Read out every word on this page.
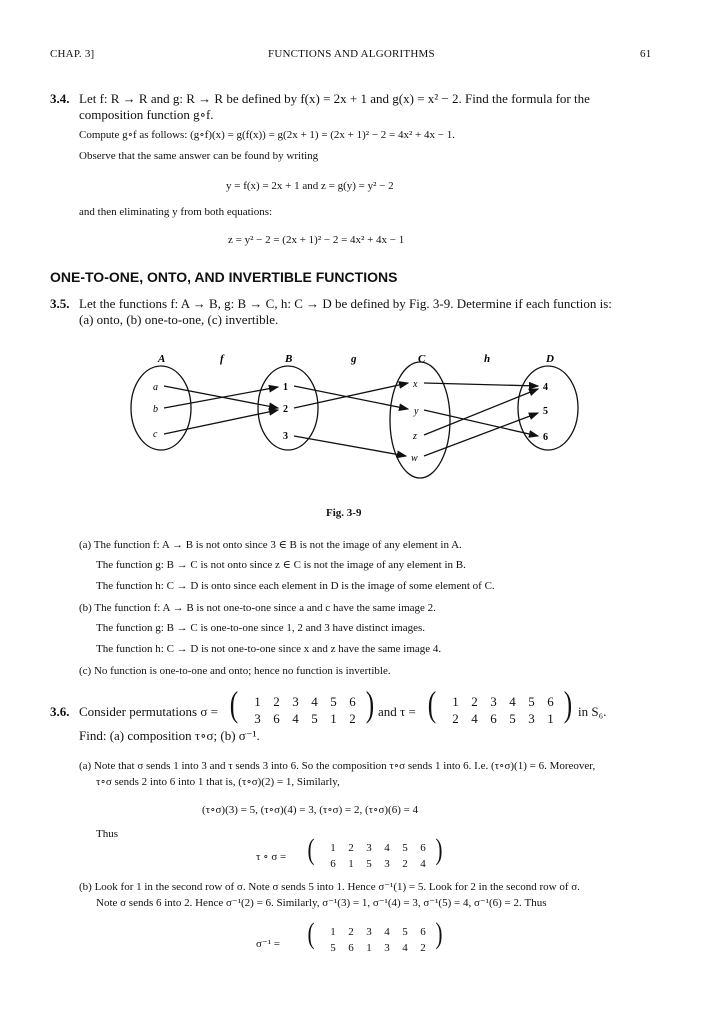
CHAP. 3]	FUNCTIONS AND ALGORITHMS	61
3.4. Let f: R → R and g: R → R be defined by f(x) = 2x + 1 and g(x) = x² − 2. Find the formula for the
composition function g∘f.
Compute g∘f as follows: (g∘f)(x) = g(f(x)) = g(2x + 1) = (2x + 1)² − 2 = 4x² + 4x − 1.
Observe that the same answer can be found by writing
y = f(x) = 2x + 1 and z = g(y) = y² − 2
and then eliminating y from both equations:
z = y² − 2 = (2x + 1)² − 2 = 4x² + 4x − 1
ONE-TO-ONE, ONTO, AND INVERTIBLE FUNCTIONS
3.5. Let the functions f: A → B, g: B → C, h: C → D be defined by Fig. 3-9. Determine if each function is:
(a) onto, (b) one-to-one, (c) invertible.
A	f	B	g	C	h	D
a
b
c
1
2
3
x
y
z
w
4
5
6
Fig. 3-9
(a) The function f: A → B is not onto since 3 ∈ B is not the image of any element in A.
The function g: B → C is not onto since z ∈ C is not the image of any element in B.
The function h: C → D is onto since each element in D is the image of some element of C.
(b) The function f: A → B is not one-to-one since a and c have the same image 2.
The function g: B → C is one-to-one since 1, 2 and 3 have distinct images.
The function h: C → D is not one-to-one since x and z have the same image 4.
(c) No function is one-to-one and onto; hence no function is invertible.
3.6. Consider permutations σ = (	1 2 3 4 5 6
3 6 4 5 1 2 ) and τ = (	1 2 3 4 5 6
2 4 6 5 3 1 ) in S₆.
Find: (a) composition τ∘σ; (b) σ⁻¹.
(a) Note that σ sends 1 into 3 and τ sends 3 into 6. So the composition τ∘σ sends 1 into 6. I.e. (τ∘σ)(1) = 6. Moreover,
τ∘σ sends 2 into 6 into 1 that is, (τ∘σ)(2) = 1, Similarly,
(τ∘σ)(3) = 5, (τ∘σ)(4) = 3, (τ∘σ) = 2, (τ∘σ)(6) = 4
Thus
τ ∘ σ = (	1	2	3	4	5	6
6	1	5	3	2	4 )
(b) Look for 1 in the second row of σ. Note σ sends 5 into 1. Hence σ⁻¹(1) = 5. Look for 2 in the second row of σ.
Note σ sends 6 into 2. Hence σ⁻¹(2) = 6. Similarly, σ⁻¹(3) = 1, σ⁻¹(4) = 3, σ⁻¹(5) = 4, σ⁻¹(6) = 2. Thus
σ⁻¹ = (	1	2	3	4	5	6
5	6	1	3	4	2 )
